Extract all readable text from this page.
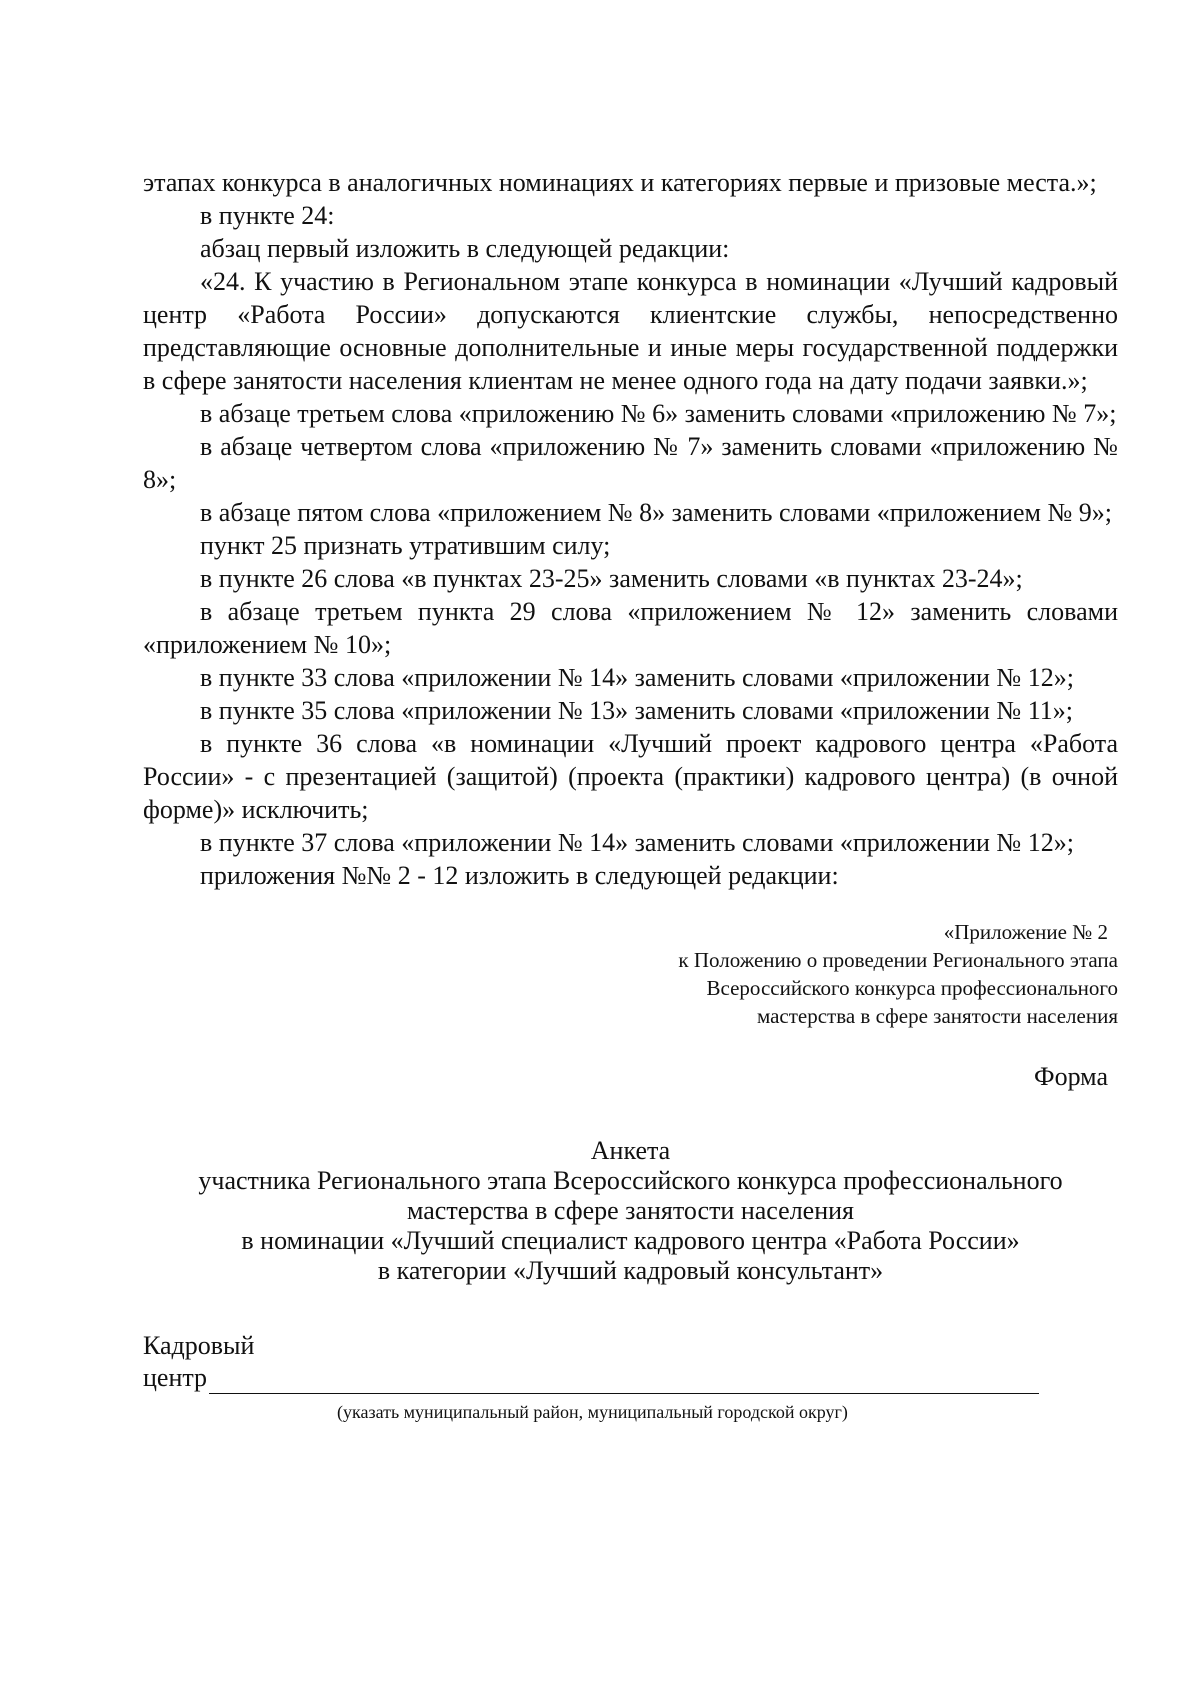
этапах конкурса в аналогичных номинациях и категориях первые и призовые места.»;

в пункте 24:

абзац первый изложить в следующей редакции:

«24. К участию в Региональном этапе конкурса в номинации «Лучший кадровый центр «Работа России» допускаются клиентские службы, непосредственно представляющие основные дополнительные и иные меры государственной поддержки в сфере занятости населения клиентам не менее одного года на дату подачи заявки.»;

в абзаце третьем слова «приложению № 6» заменить словами «приложению № 7»;

в абзаце четвертом слова «приложению № 7» заменить словами «приложению № 8»;

в абзаце пятом слова «приложением № 8» заменить словами «приложением № 9»;

пункт 25 признать утратившим силу;

в пункте 26 слова «в пунктах 23-25» заменить словами «в пунктах 23-24»;

в абзаце третьем пункта 29 слова «приложением № 12» заменить словами «приложением № 10»;

в пункте 33 слова «приложении № 14» заменить словами «приложении № 12»;

в пункте 35 слова «приложении № 13» заменить словами «приложении № 11»;

в пункте 36 слова «в номинации «Лучший проект кадрового центра «Работа России» - с презентацией (защитой) (проекта (практики) кадрового центра) (в очной форме)» исключить;

в пункте 37 слова «приложении № 14» заменить словами «приложении № 12»;

приложения №№ 2 - 12 изложить в следующей редакции:

«Приложение № 2
к Положению о проведении Регионального этапа
Всероссийского конкурса профессионального
мастерства в сфере занятости населения
Форма
Анкета
участника Регионального этапа Всероссийского конкурса профессионального
мастерства в сфере занятости населения
в номинации «Лучший специалист кадрового центра «Работа России»
в категории «Лучший кадровый консультант»
Кадровый
центр
(указать муниципальный район, муниципальный городской округ)
